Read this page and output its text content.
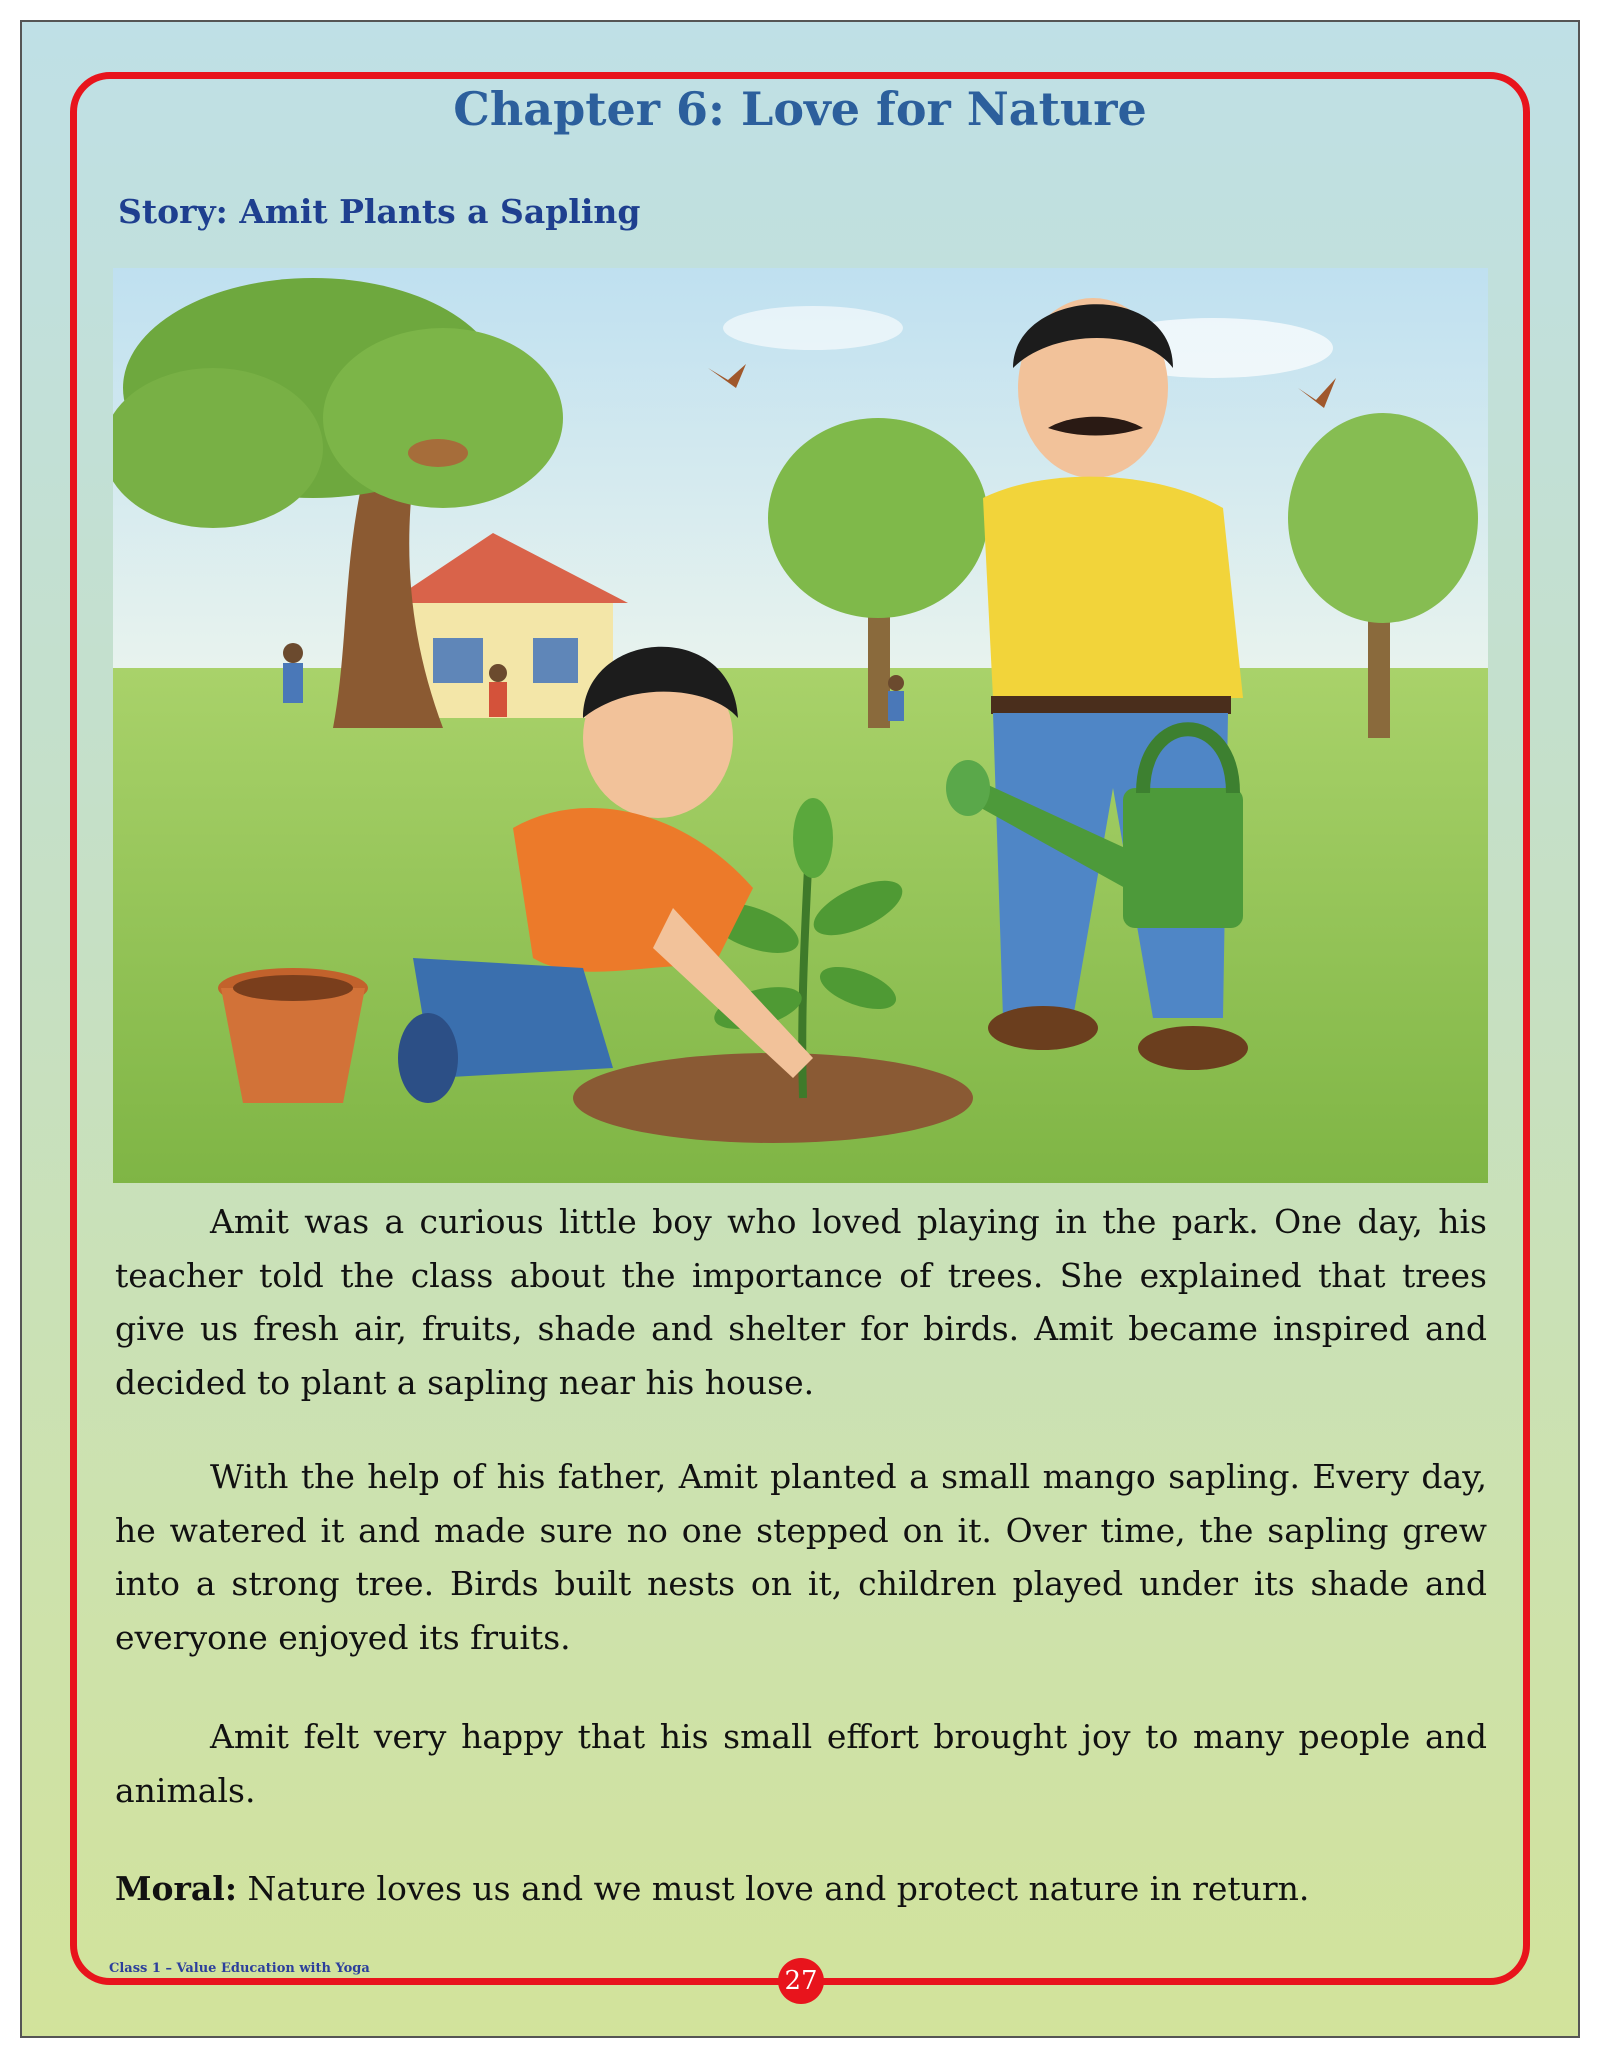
Chapter 6: Love for Nature
Story: Amit Plants a Sapling

Amit was a curious little boy who loved playing in the park. One day, his teacher told the class about the importance of trees. She explained that trees give us fresh air, fruits, shade and shelter for birds. Amit became inspired and decided to plant a sapling near his house.

With the help of his father, Amit planted a small mango sapling. Every day, he watered it and made sure no one stepped on it. Over time, the sapling grew into a strong tree. Birds built nests on it, children played under its shade and everyone enjoyed its fruits.

Amit felt very happy that his small effort brought joy to many people and animals.

Moral: Nature loves us and we must love and protect nature in return.

Class 1 – Value Education with Yoga	27
